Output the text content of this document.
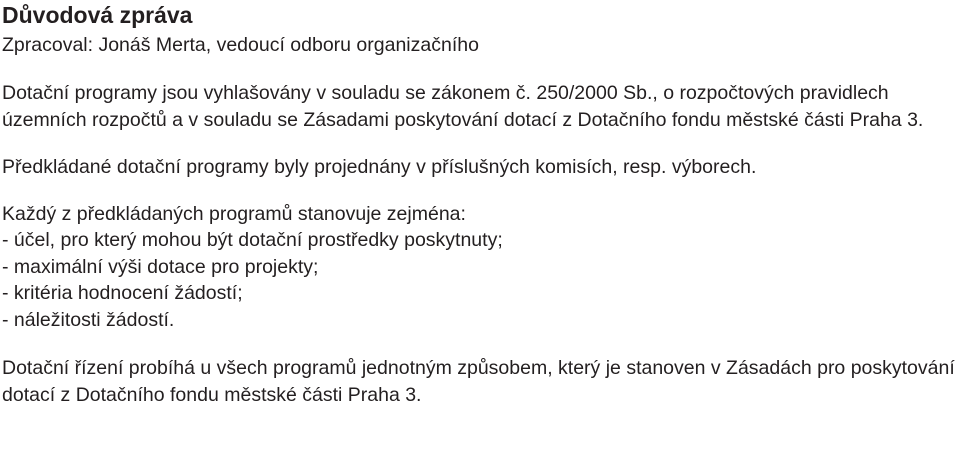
Důvodová zpráva

Zpracoval: Jonáš Merta, vedoucí odboru organizačního

Dotační programy jsou vyhlašovány v souladu se zákonem č. 250/2000 Sb., o rozpočtových pravidlech územních rozpočtů a v souladu se Zásadami poskytování dotací z Dotačního fondu městské části Praha 3.

Předkládané dotační programy byly projednány v příslušných komisích, resp. výborech.

Každý z předkládaných programů stanovuje zejména:

- účel, pro který mohou být dotační prostředky poskytnuty;
- maximální výši dotace pro projekty;
- kritéria hodnocení žádostí;
- náležitosti žádostí.

Dotační řízení probíhá u všech programů jednotným způsobem, který je stanoven v Zásadách pro poskytování dotací z Dotačního fondu městské části Praha 3.
